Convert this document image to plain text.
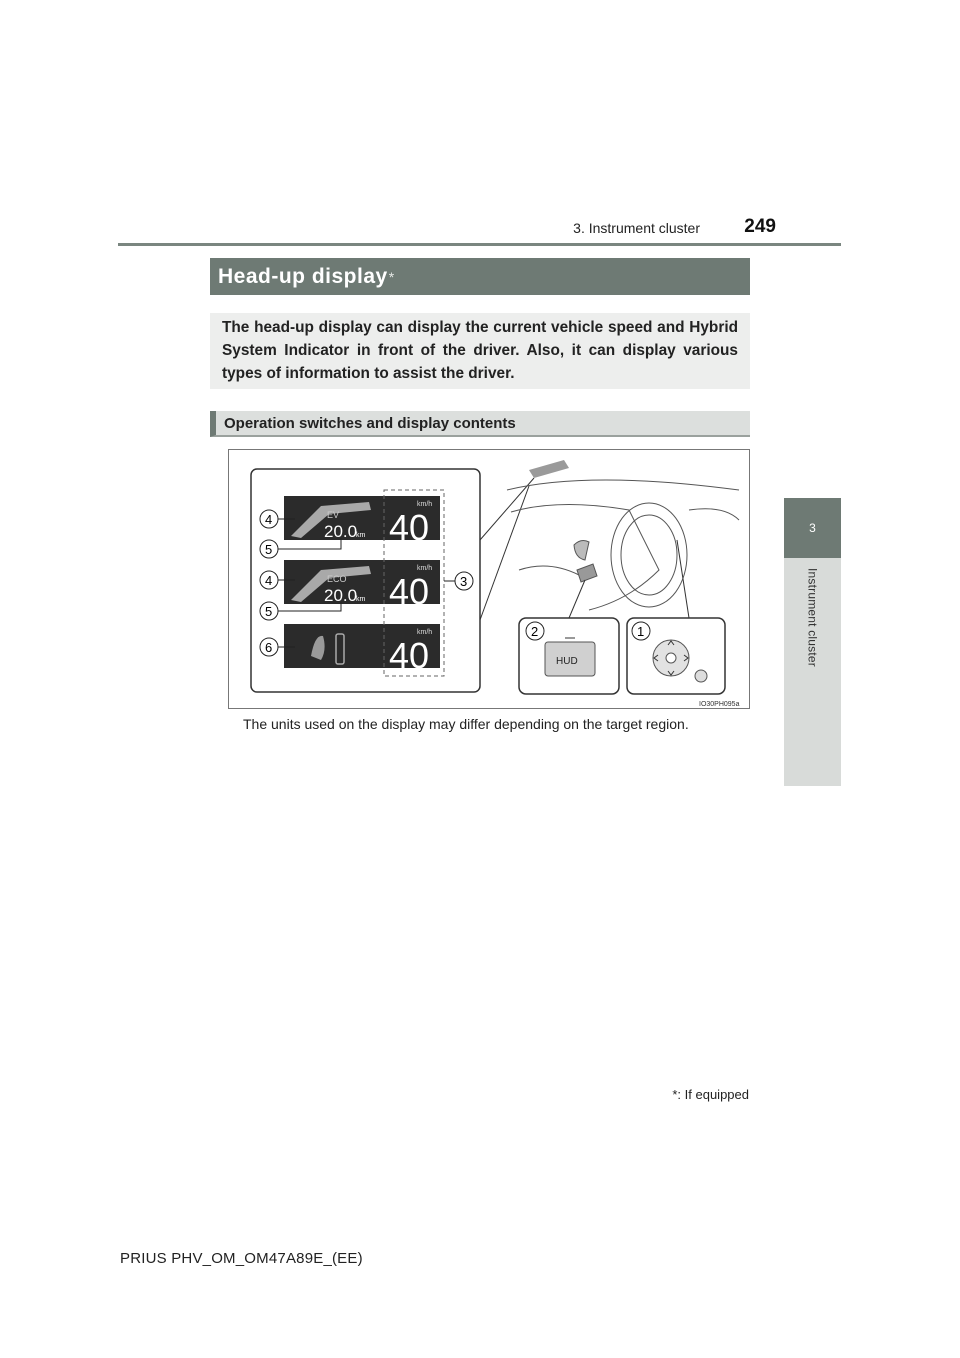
3. Instrument cluster	249
3
Instrument cluster
Head-up display *
The head-up display can display the current vehicle speed and Hybrid System Indicator in front of the driver. Also, it can display various types of information to assist the driver.
Operation switches and display contents
EV
20.0
km
km/h
40
ECO
20.0
km
km/h
40
km/h
40
4
5
4
5
6
3
HUD
2	1
IO30PH095a
The units used on the display may differ depending on the target region.
*: If equipped
PRIUS PHV_OM_OM47A89E_(EE)
